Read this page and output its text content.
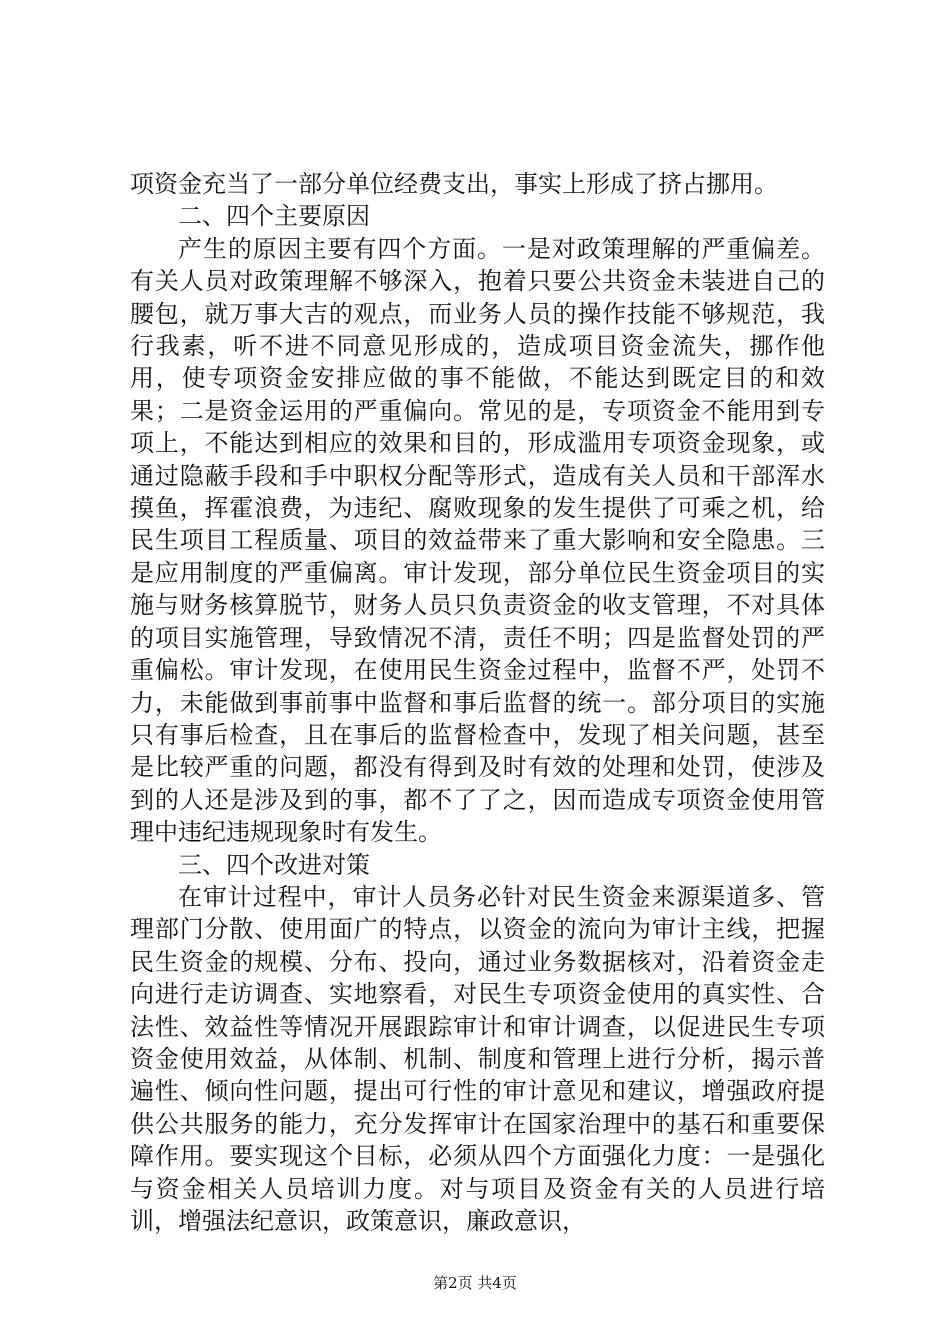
项资金充当了一部分单位经费支出，事实上形成了挤占挪用。

二、四个主要原因

产生的原因主要有四个方面。一是对政策理解的严重偏差。有关人员对政策理解不够深入，抱着只要公共资金未装进自己的腰包，就万事大吉的观点，而业务人员的操作技能不够规范，我行我素，听不进不同意见形成的，造成项目资金流失，挪作他用，使专项资金安排应做的事不能做，不能达到既定目的和效果；二是资金运用的严重偏向。常见的是，专项资金不能用到专项上，不能达到相应的效果和目的，形成滥用专项资金现象，或通过隐蔽手段和手中职权分配等形式，造成有关人员和干部浑水摸鱼，挥霍浪费，为违纪、腐败现象的发生提供了可乘之机，给民生项目工程质量、项目的效益带来了重大影响和安全隐患。三是应用制度的严重偏离。审计发现，部分单位民生资金项目的实施与财务核算脱节，财务人员只负责资金的收支管理，不对具体的项目实施管理，导致情况不清，责任不明；四是监督处罚的严重偏松。审计发现，在使用民生资金过程中，监督不严，处罚不力，未能做到事前事中监督和事后监督的统一。部分项目的实施只有事后检查，且在事后的监督检查中，发现了相关问题，甚至是比较严重的问题，都没有得到及时有效的处理和处罚，使涉及到的人还是涉及到的事，都不了了之，因而造成专项资金使用管理中违纪违规现象时有发生。

三、四个改进对策

在审计过程中，审计人员务必针对民生资金来源渠道多、管理部门分散、使用面广的特点，以资金的流向为审计主线，把握民生资金的规模、分布、投向，通过业务数据核对，沿着资金走向进行走访调查、实地察看，对民生专项资金使用的真实性、合法性、效益性等情况开展跟踪审计和审计调查，以促进民生专项资金使用效益，从体制、机制、制度和管理上进行分析，揭示普遍性、倾向性问题，提出可行性的审计意见和建议，增强政府提供公共服务的能力，充分发挥审计在国家治理中的基石和重要保障作用。要实现这个目标，必须从四个方面强化力度：一是强化与资金相关人员培训力度。对与项目及资金有关的人员进行培训，增强法纪意识，政策意识，廉政意识，

第2页 共4页
